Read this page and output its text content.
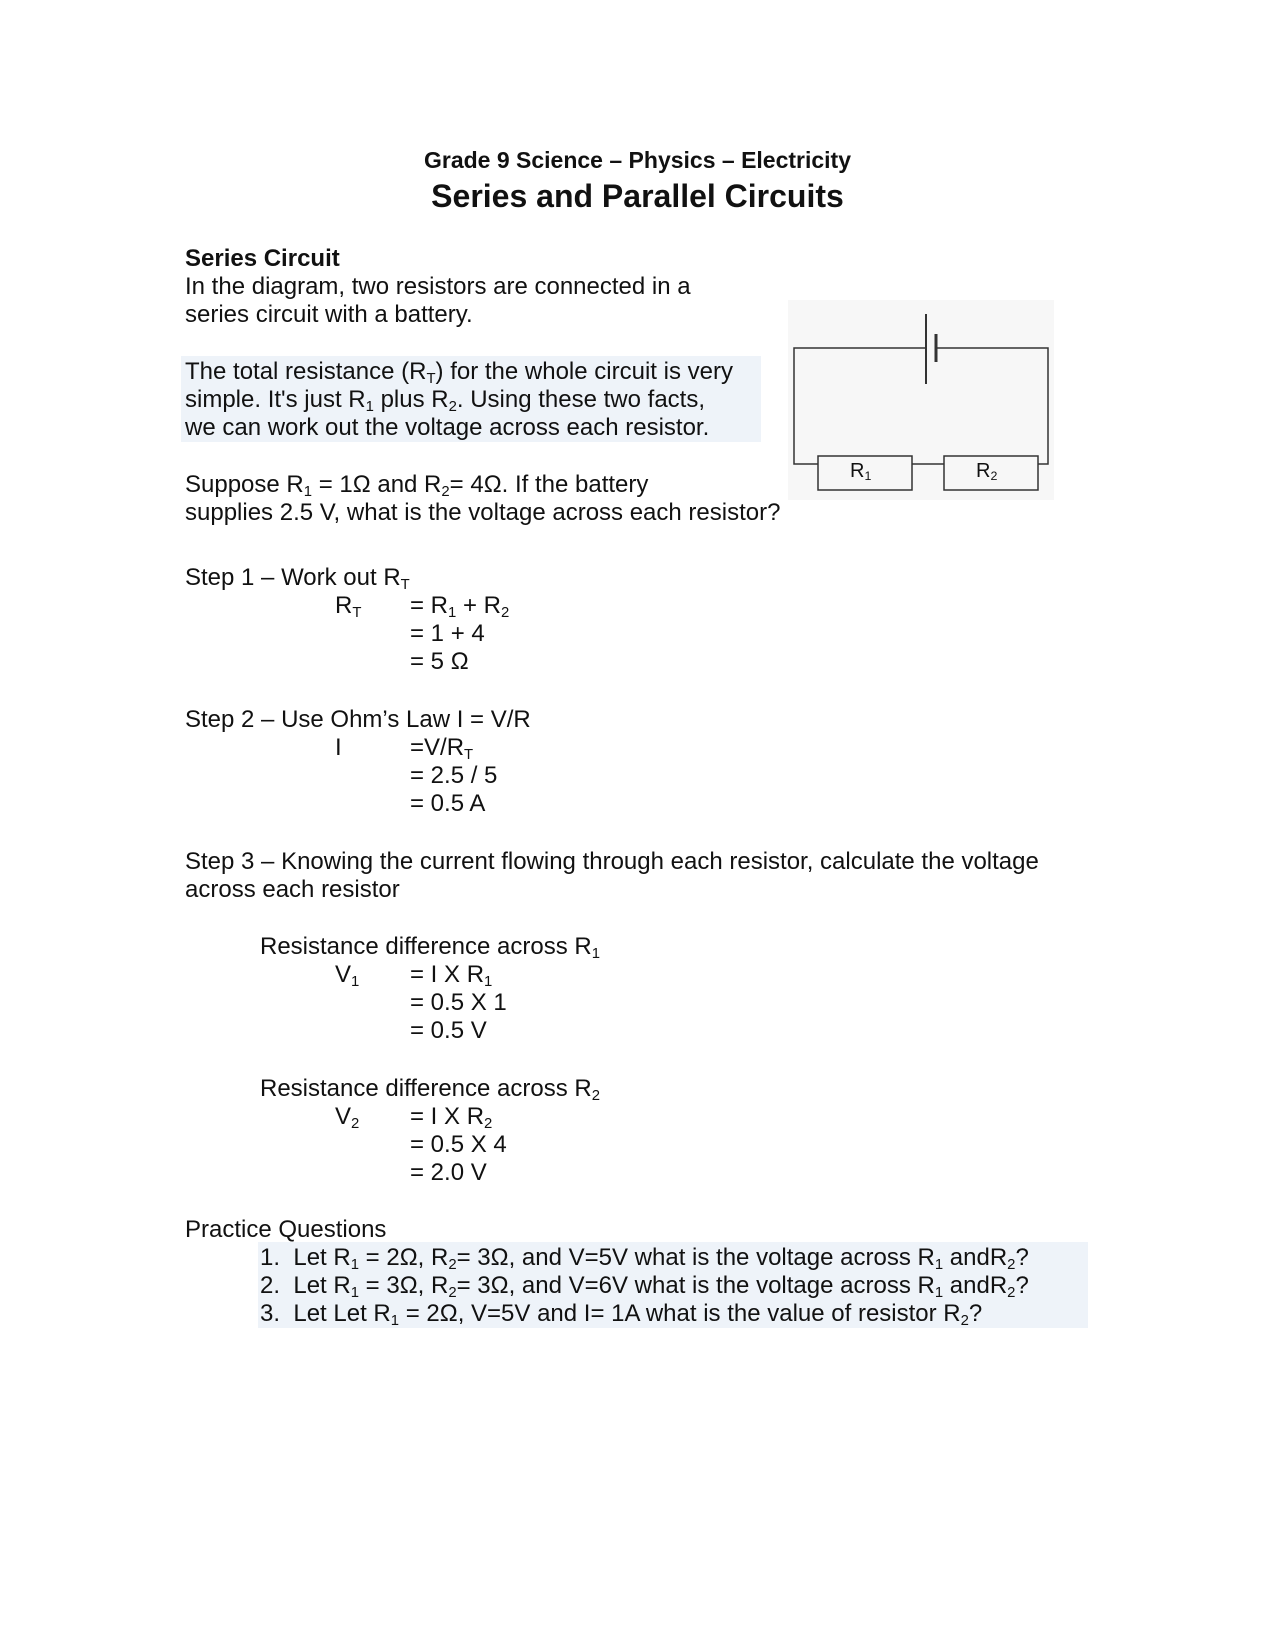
Grade 9 Science – Physics – Electricity
Series and Parallel Circuits
Series Circuit
In the diagram, two resistors are connected in a
series circuit with a battery.
The total resistance (RT) for the whole circuit is very
simple. It's just R1 plus R2. Using these two facts,
we can work out the voltage across each resistor.
Suppose R1 = 1Ω and R2= 4Ω. If the battery
supplies 2.5 V, what is the voltage across each resistor?
R1	R2
Step 1 – Work out RT
RT = R1 + R2
= 1 + 4
= 5 Ω
Step 2 – Use Ohm’s Law I = V/R
I	=V/RT
= 2.5 / 5
= 0.5 A
Step 3 – Knowing the current flowing through each resistor, calculate the voltage
across each resistor
Resistance difference across R1
V1 = I X R1
= 0.5 X 1
= 0.5 V
Resistance difference across R2
V2 = I X R2
= 0.5 X 4
= 2.0 V
Practice Questions
1. Let R1 = 2Ω, R2= 3Ω, and V=5V what is the voltage across R1 andR2?
2. Let R1 = 3Ω, R2= 3Ω, and V=6V what is the voltage across R1 andR2?
3. Let Let R1 = 2Ω, V=5V and I= 1A what is the value of resistor R2?
